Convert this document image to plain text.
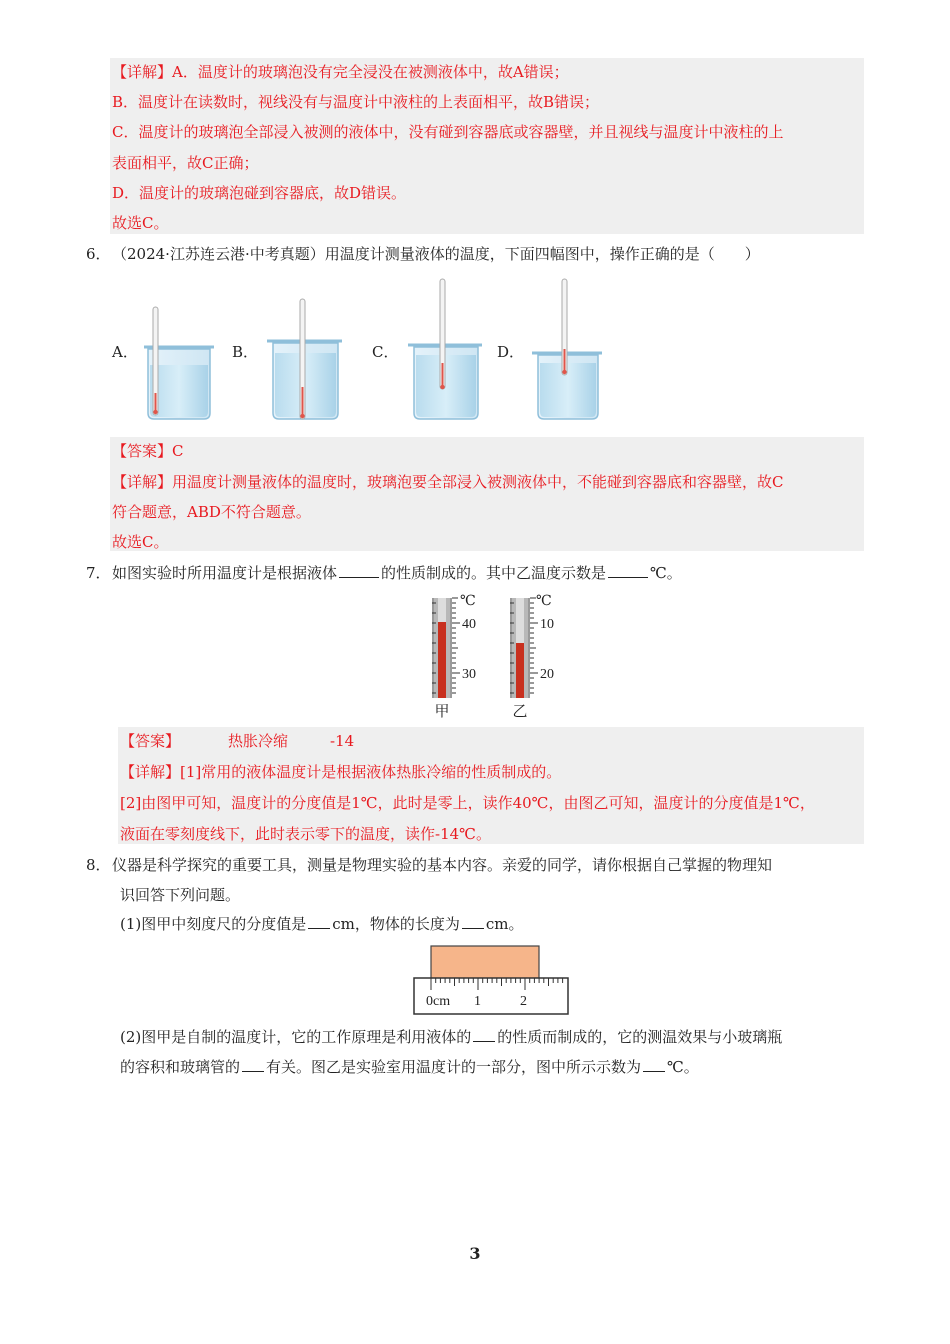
【详解】A．温度计的玻璃泡没有完全浸没在被测液体中，故A错误；
B．温度计在读数时，视线没有与温度计中液柱的上表面相平，故B错误；
C．温度计的玻璃泡全部浸入被测的液体中，没有碰到容器底或容器壁，并且视线与温度计中液柱的上
表面相平，故C正确；
D．温度计的玻璃泡碰到容器底，故D错误。
故选C。
6． （2024·江苏连云港·中考真题）用温度计测量液体的温度，下面四幅图中，操作正确的是（　　）
A．	B．	C．	D．
【答案】C
【详解】用温度计测量液体的温度时，玻璃泡要全部浸入被测液体中，不能碰到容器底和容器壁，故C
符合题意，ABD不符合题意。
故选C。
7． 如图实验时所用温度计是根据液体	的性质制成的。其中乙温度示数是	℃。
℃
40
30
甲
℃
10
20
乙
【答案】	热胀冷缩	-14
【详解】[1]常用的液体温度计是根据液体热胀冷缩的性质制成的。
[2]由图甲可知，温度计的分度值是1℃，此时是零上，读作40℃，由图乙可知，温度计的分度值是1℃，
液面在零刻度线下，此时表示零下的温度，读作-14℃。
8． 仪器是科学探究的重要工具，测量是物理实验的基本内容。亲爱的同学，请你根据自己掌握的物理知
识回答下列问题。
(1)图甲中刻度尺的分度值是 cm，物体的长度为 cm。
0cm 1	2
(2)图甲是自制的温度计，它的工作原理是利用液体的 的性质而制成的，它的测温效果与小玻璃瓶
的容积和玻璃管的 有关。图乙是实验室用温度计的一部分，图中所示示数为 ℃。
3
